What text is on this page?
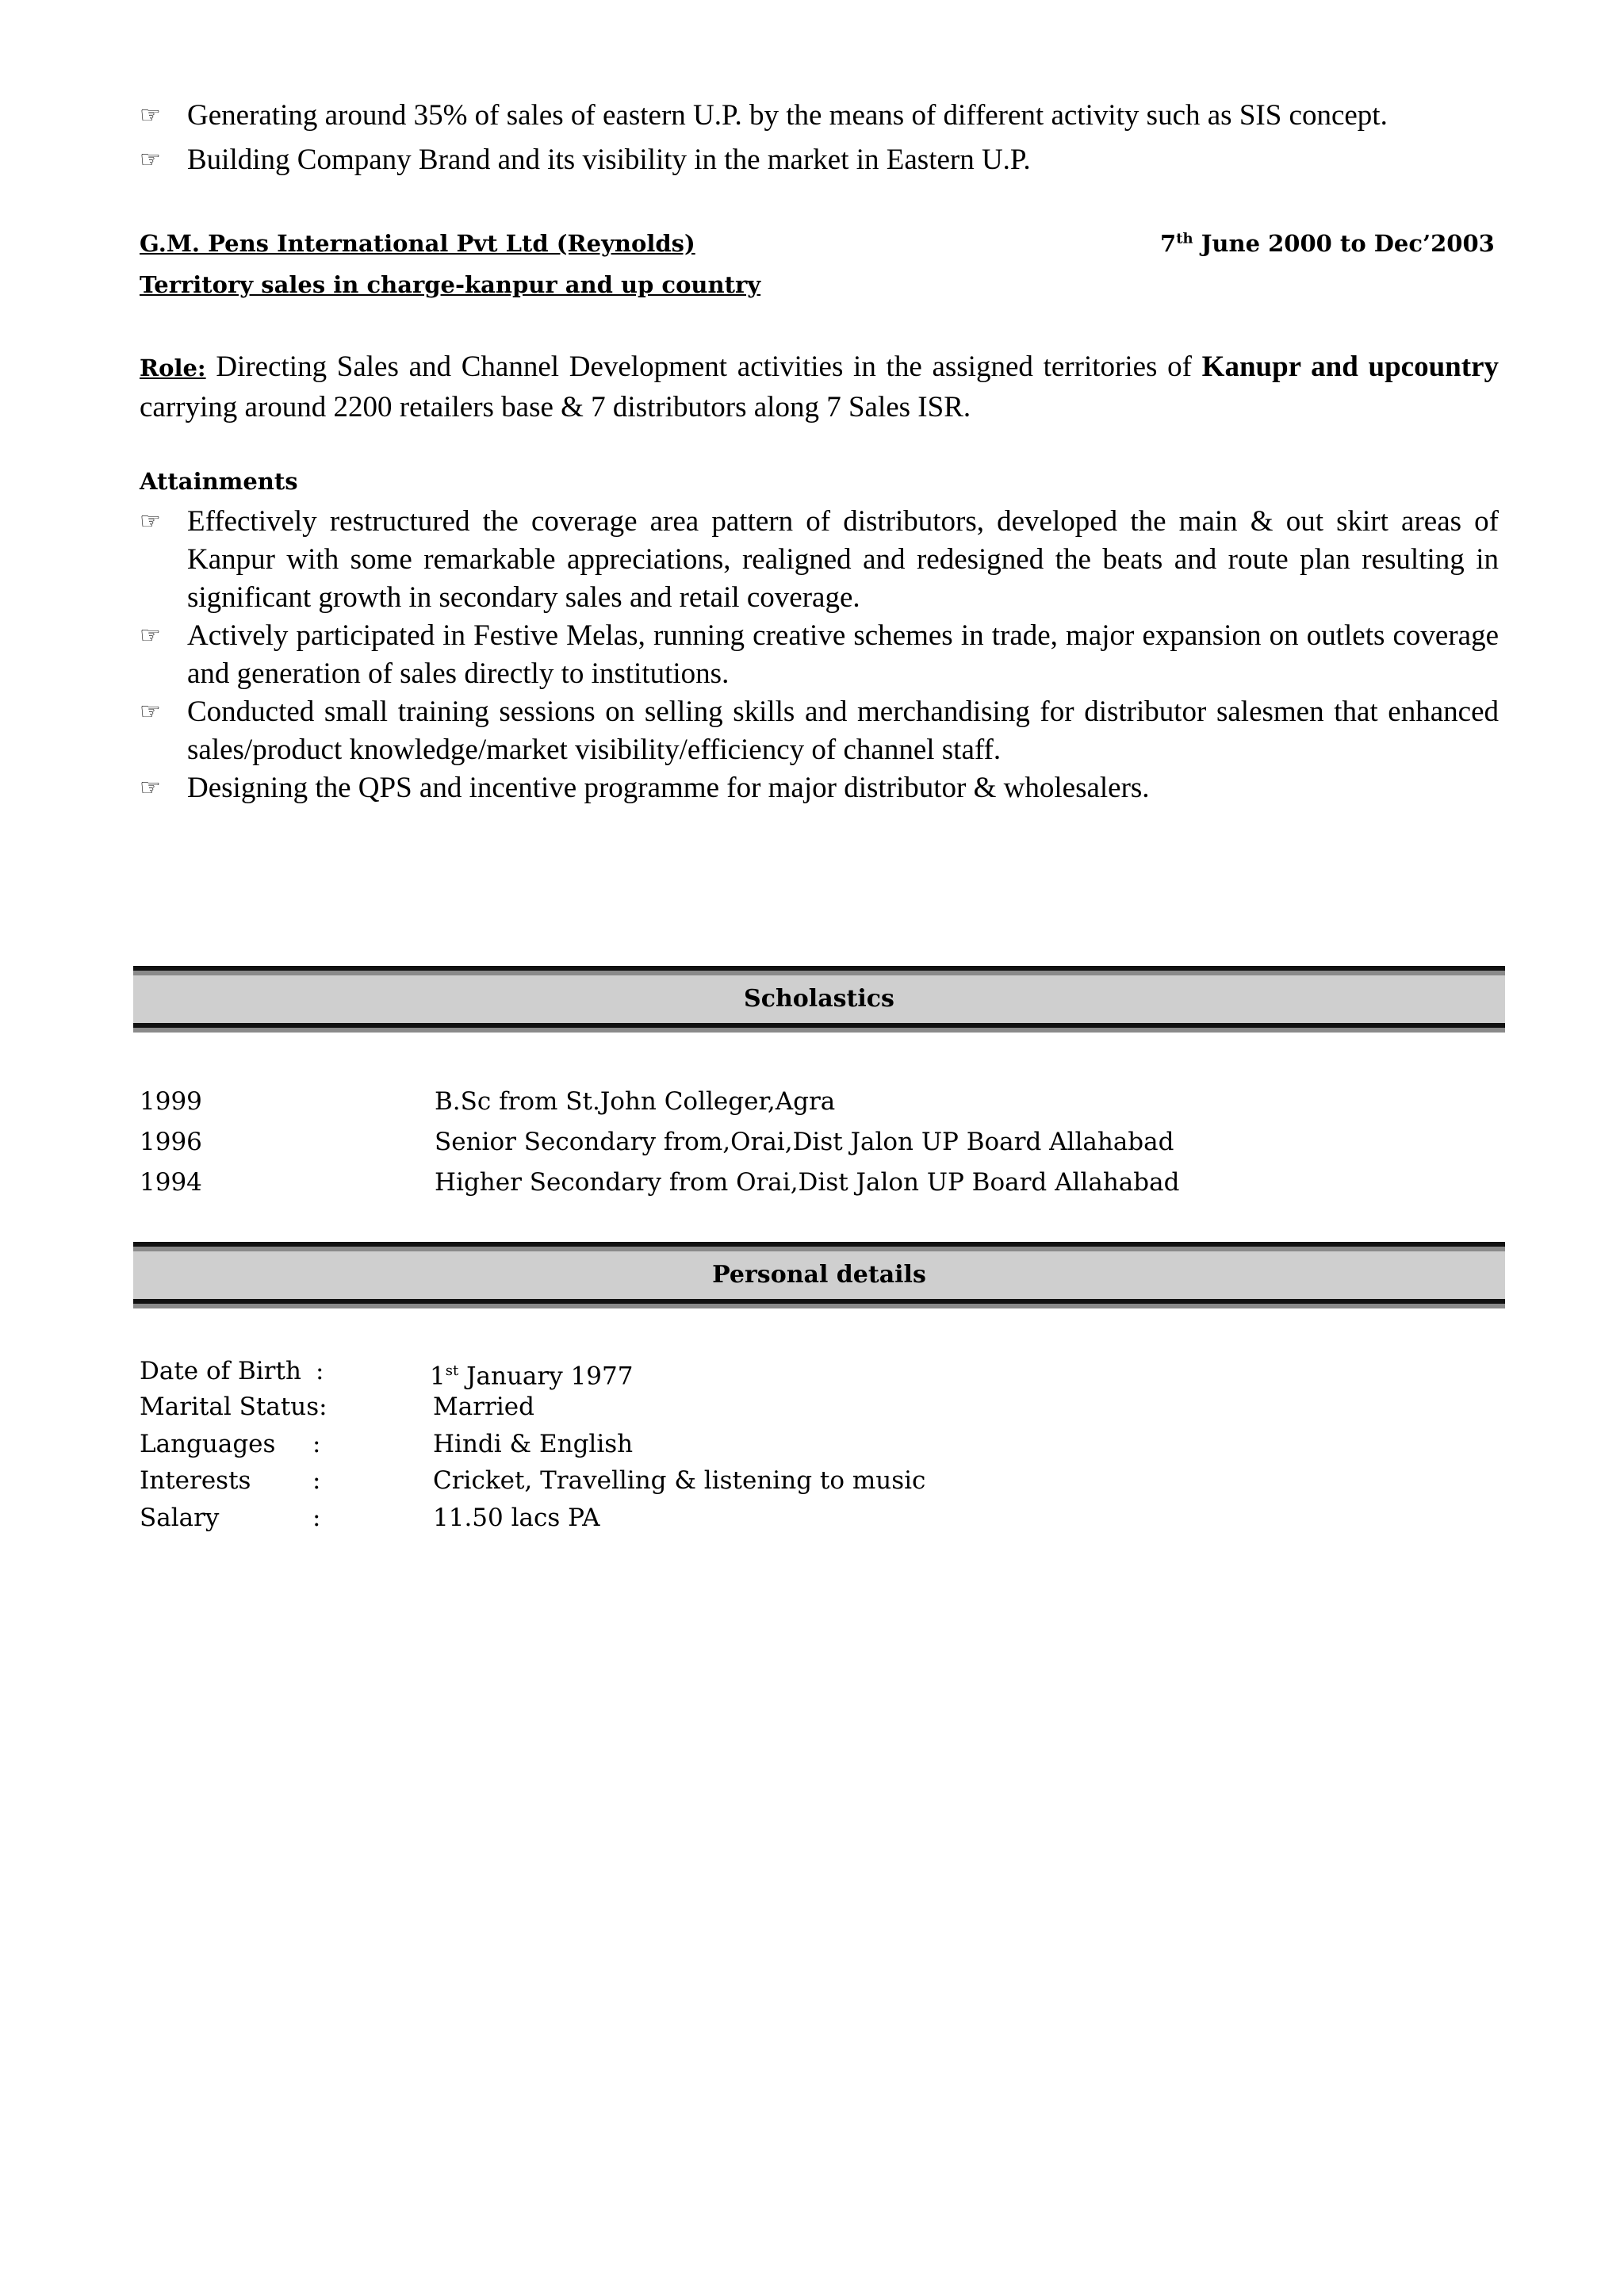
☞ Generating around 35% of sales of eastern U.P. by the means of different activity such as SIS concept.
☞ Building Company Brand and its visibility in the market in Eastern U.P.
G.M. Pens International Pvt Ltd (Reynolds)	7th June 2000 to Dec’2003
Territory sales in charge-kanpur and up country

Role: Directing Sales and Channel Development activities in the assigned territories of Kanupr and upcountry carrying around 2200 retailers base & 7 distributors along 7 Sales ISR.

Attainments
☞ Effectively restructured the coverage area pattern of distributors, developed the main & out skirt areas of Kanpur with some remarkable appreciations, realigned and redesigned the beats and route plan resulting in significant growth in secondary sales and retail coverage.
☞ Actively participated in Festive Melas, running creative schemes in trade, major expansion on outlets coverage and generation of sales directly to institutions.
☞ Conducted small training sessions on selling skills and merchandising for distributor salesmen that enhanced sales/product knowledge/market visibility/efficiency of channel staff.
☞ Designing the QPS and incentive programme for major distributor & wholesalers.
Scholastics
1999	B.Sc from St.John Colleger,Agra
1996	Senior Secondary from,Orai,Dist Jalon UP Board Allahabad
1994	Higher Secondary from Orai,Dist Jalon UP Board Allahabad
Personal details
Date of Birth :	1st January 1977
Marital Status:	Married
Languages :	Hindi & English
Interests	:	Cricket, Travelling & listening to music
Salary	:	11.50 lacs PA
